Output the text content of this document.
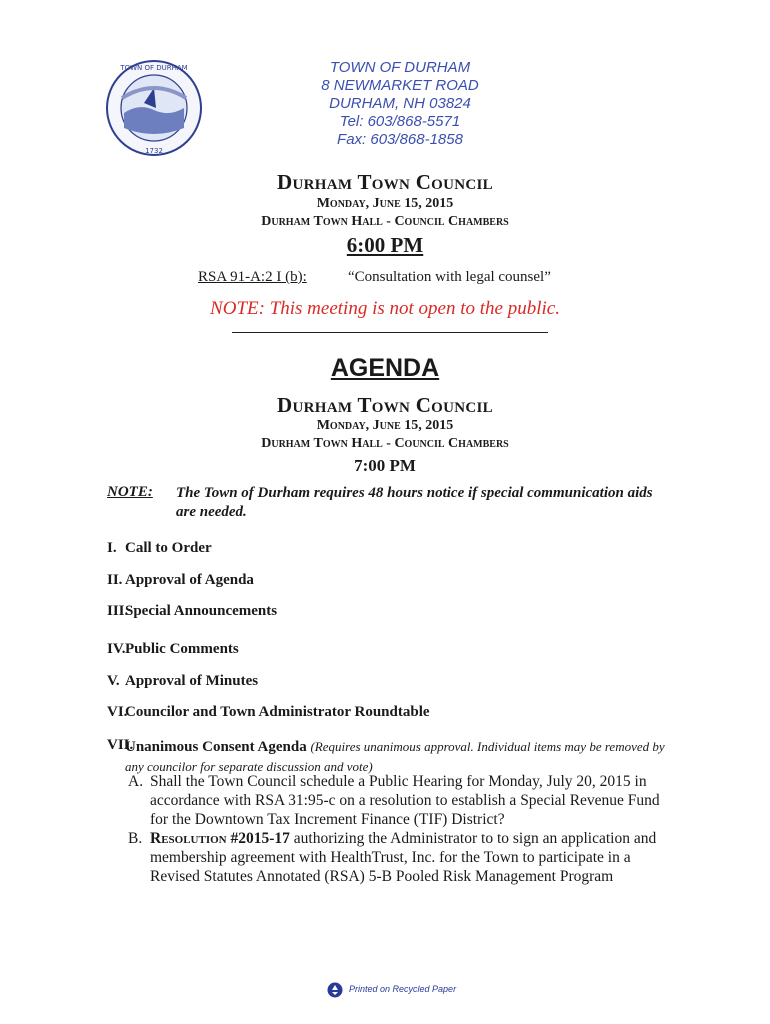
TOWN OF DURHAM
1732
TOWN OF DURHAM
8 NEWMARKET ROAD
DURHAM, NH 03824
Tel: 603/868-5571
Fax: 603/868-1858
Durham Town Council
Monday, June 15, 2015
Durham Town Hall - Council Chambers
6:00 PM
RSA 91-A:2 I (b):	“Consultation with legal counsel”
NOTE: This meeting is not open to the public.
AGENDA
Durham Town Council
Monday, June 15, 2015
Durham Town Hall - Council Chambers
7:00 PM
NOTE: The Town of Durham requires 48 hours notice if special communication aids are needed.
I. Call to Order
II. Approval of Agenda
III.
Special Announcements
IV. Public Comments
V. Approval of Minutes
VI.
Councilor and Town Administrator Roundtable
VII.
Unanimous Consent Agenda (Requires unanimous approval. Individual items may be removed by any councilor for separate discussion and vote)
A. Shall the Town Council schedule a Public Hearing for Monday, July 20, 2015 in accordance with RSA 31:95-c on a resolution to establish a Special Revenue Fund for the Downtown Tax Increment Finance (TIF) District?
B. Resolution #2015-17 authorizing the Administrator to to sign an application and membership agreement with HealthTrust, Inc. for the Town to participate in a Revised Statutes Annotated (RSA) 5-B Pooled Risk Management Program
Printed on Recycled Paper
